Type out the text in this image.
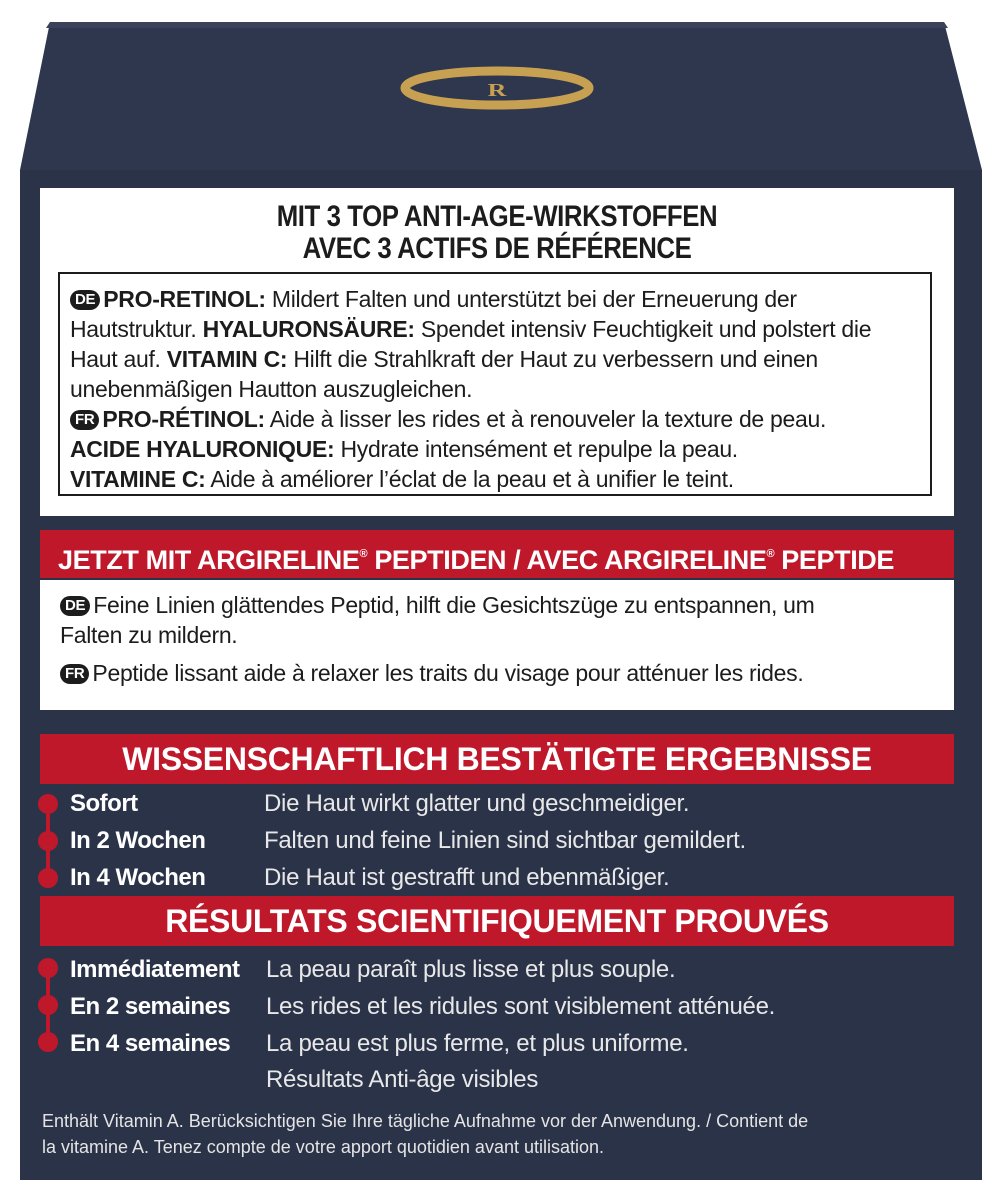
R
MIT 3 TOP ANTI-AGE-WIRKSTOFFEN
AVEC 3 ACTIFS DE RÉFÉRENCE
DE PRO-RETINOL: Mildert Falten und unterstützt bei der Erneuerung der
Hautstruktur. HYALURONSÄURE: Spendet intensiv Feuchtigkeit und polstert die
Haut auf. VITAMIN C: Hilft die Strahlkraft der Haut zu verbessern und einen
unebenmäßigen Hautton auszugleichen.
FR PRO-RÉTINOL: Aide à lisser les rides et à renouveler la texture de peau.
ACIDE HYALURONIQUE: Hydrate intensément et repulpe la peau.
VITAMINE C: Aide à améliorer l’éclat de la peau et à unifier le teint.
JETZT MIT ARGIRELINE® PEPTIDEN / AVEC ARGIRELINE® PEPTIDE
DE Feine Linien glättendes Peptid, hilft die Gesichtszüge zu entspannen, um
Falten zu mildern.
FR Peptide lissant aide à relaxer les traits du visage pour atténuer les rides.
WISSENSCHAFTLICH BESTÄTIGTE ERGEBNISSE
Sofort	Die Haut wirkt glatter und geschmeidiger.
In 2 Wochen Falten und feine Linien sind sichtbar gemildert.
In 4 Wochen Die Haut ist gestrafft und ebenmäßiger.
RÉSULTATS SCIENTIFIQUEMENT PROUVÉS
Immédiatement La peau paraît plus lisse et plus souple.
En 2 semaines Les rides et les ridules sont visiblement atténuée.
En 4 semaines La peau est plus ferme, et plus uniforme.
Résultats Anti-âge visibles
Enthält Vitamin A. Berücksichtigen Sie Ihre tägliche Aufnahme vor der Anwendung. / Contient de
la vitamine A. Tenez compte de votre apport quotidien avant utilisation.
